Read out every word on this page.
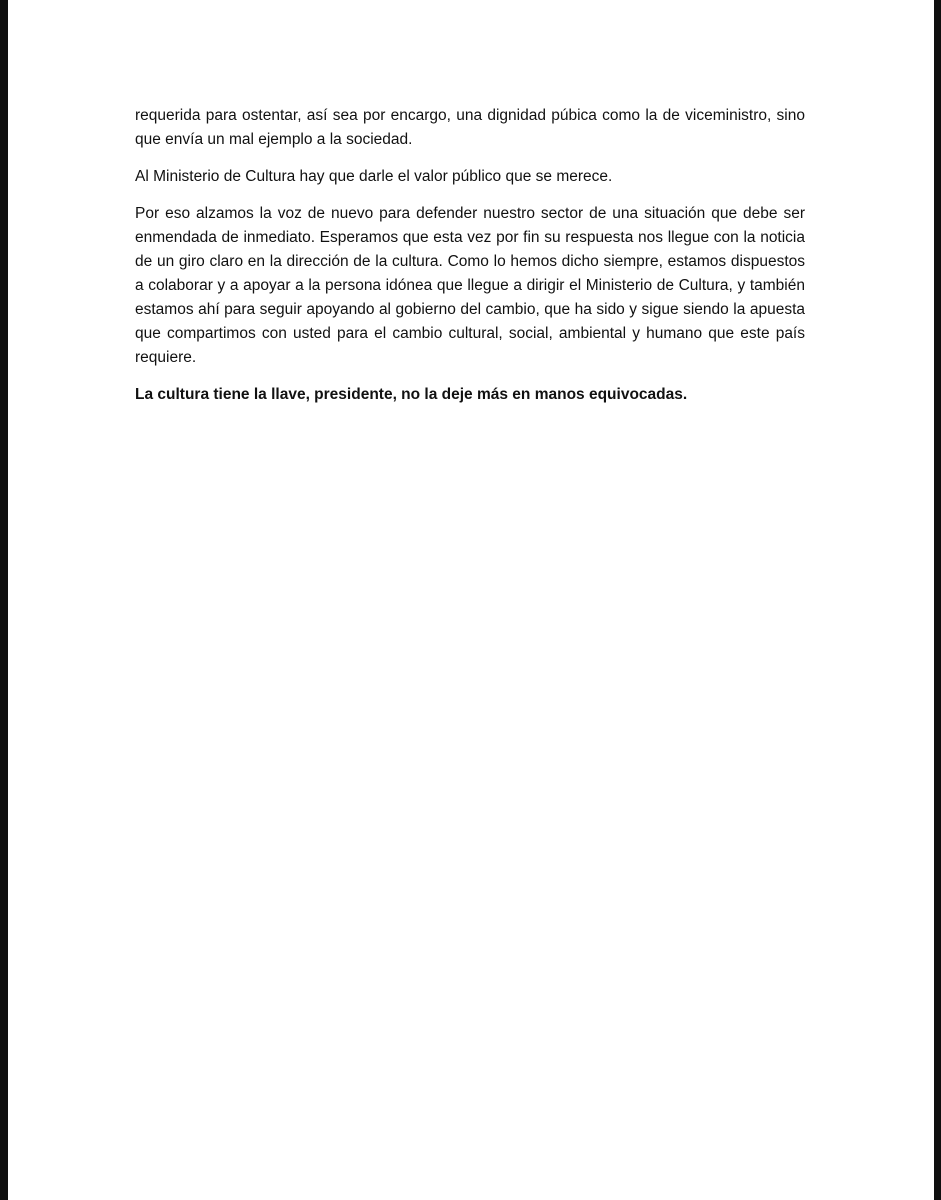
requerida para ostentar, así sea por encargo, una dignidad púbica como la de viceministro, sino que envía un mal ejemplo a la sociedad.

Al Ministerio de Cultura hay que darle el valor público que se merece.

Por eso alzamos la voz de nuevo para defender nuestro sector de una situación que debe ser enmendada de inmediato. Esperamos que esta vez por fin su respuesta nos llegue con la noticia de un giro claro en la dirección de la cultura. Como lo hemos dicho siempre, estamos dispuestos a colaborar y a apoyar a la persona idónea que llegue a dirigir el Ministerio de Cultura, y también estamos ahí para seguir apoyando al gobierno del cambio, que ha sido y sigue siendo la apuesta que compartimos con usted para el cambio cultural, social, ambiental y humano que este país requiere.

La cultura tiene la llave, presidente, no la deje más en manos equivocadas.
